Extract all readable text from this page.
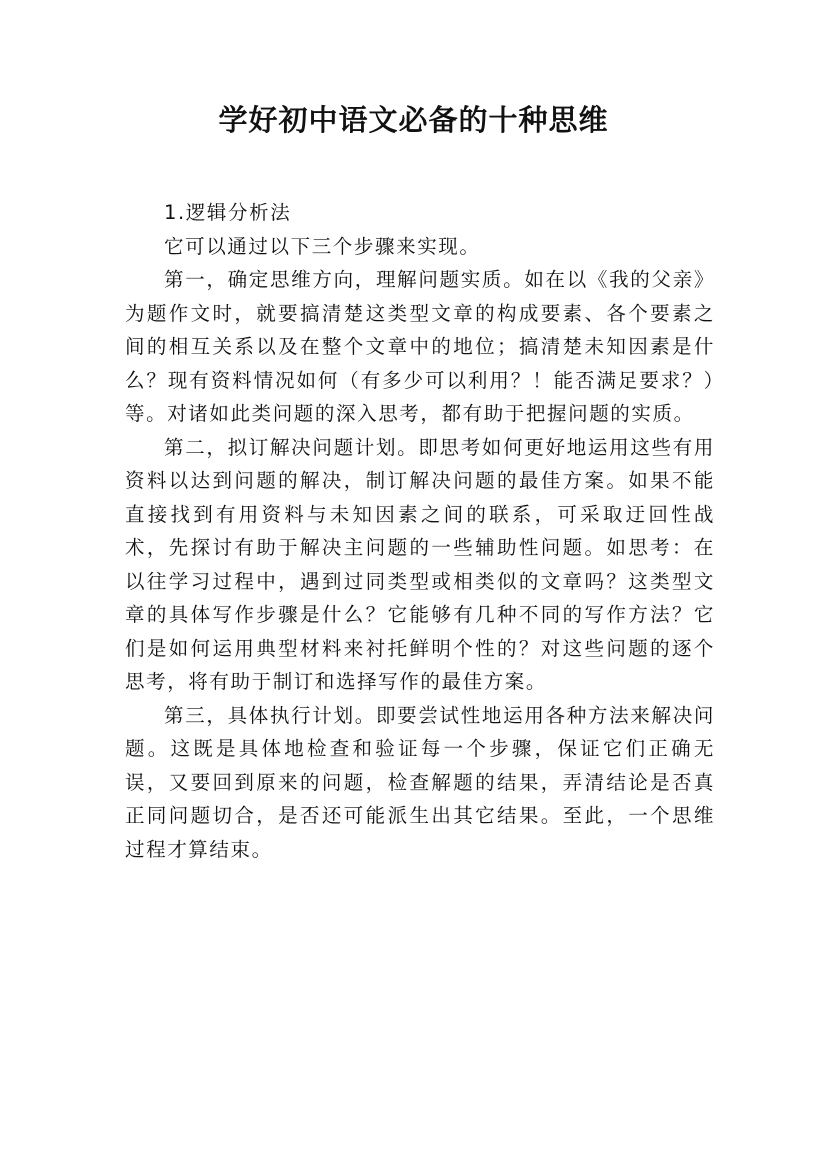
学好初中语文必备的十种思维

1.逻辑分析法

它可以通过以下三个步骤来实现。

第一，确定思维方向，理解问题实质。如在以《我的父亲》为题作文时，就要搞清楚这类型文章的构成要素、各个要素之间的相互关系以及在整个文章中的地位；搞清楚未知因素是什么？现有资料情况如何（有多少可以利用？！能否满足要求？）等。对诸如此类问题的深入思考，都有助于把握问题的实质。

第二，拟订解决问题计划。即思考如何更好地运用这些有用资料以达到问题的解决，制订解决问题的最佳方案。如果不能直接找到有用资料与未知因素之间的联系，可采取迂回性战术，先探讨有助于解决主问题的一些辅助性问题。如思考：在以往学习过程中，遇到过同类型或相类似的文章吗？这类型文章的具体写作步骤是什么？它能够有几种不同的写作方法？它们是如何运用典型材料来衬托鲜明个性的？对这些问题的逐个思考，将有助于制订和选择写作的最佳方案。

第三，具体执行计划。即要尝试性地运用各种方法来解决问题。这既是具体地检查和验证每一个步骤，保证它们正确无误，又要回到原来的问题，检查解题的结果，弄清结论是否真正同问题切合，是否还可能派生出其它结果。至此，一个思维过程才算结束。
